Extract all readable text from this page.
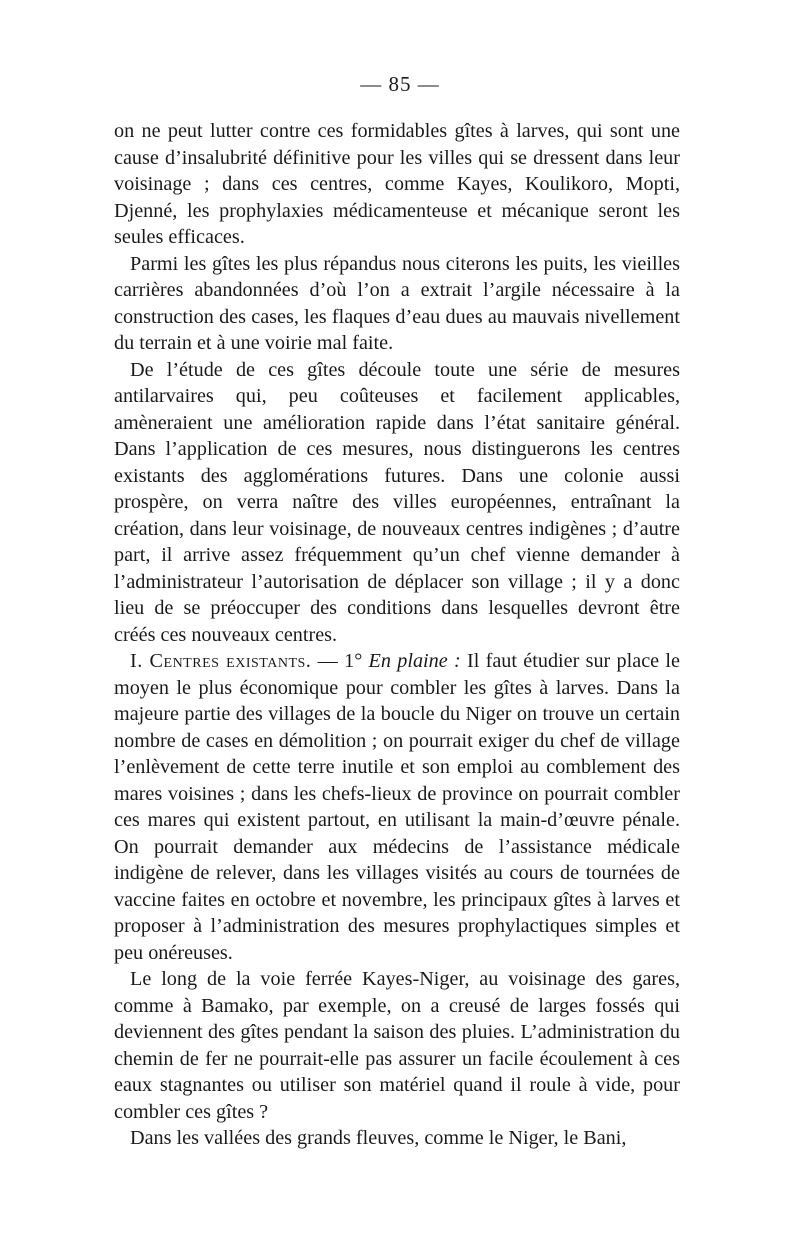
— 85 —

on ne peut lutter contre ces formidables gîtes à larves, qui sont une cause d’insalubrité définitive pour les villes qui se dressent dans leur voisinage ; dans ces centres, comme Kayes, Koulikoro, Mopti, Djenné, les prophylaxies médicamenteuse et mécanique seront les seules efficaces.

Parmi les gîtes les plus répandus nous citerons les puits, les vieilles carrières abandonnées d’où l’on a extrait l’argile nécessaire à la construction des cases, les flaques d’eau dues au mauvais nivellement du terrain et à une voirie mal faite.

De l’étude de ces gîtes découle toute une série de mesures antilarvaires qui, peu coûteuses et facilement applicables, amèneraient une amélioration rapide dans l’état sanitaire général. Dans l’application de ces mesures, nous distinguerons les centres existants des agglomérations futures. Dans une colonie aussi prospère, on verra naître des villes européennes, entraînant la création, dans leur voisinage, de nouveaux centres indigènes ; d’autre part, il arrive assez fréquemment qu’un chef vienne demander à l’administrateur l’autorisation de déplacer son village ; il y a donc lieu de se préoccuper des conditions dans lesquelles devront être créés ces nouveaux centres.

I. Centres existants. — 1° En plaine : Il faut étudier sur place le moyen le plus économique pour combler les gîtes à larves. Dans la majeure partie des villages de la boucle du Niger on trouve un certain nombre de cases en démolition ; on pourrait exiger du chef de village l’enlèvement de cette terre inutile et son emploi au comblement des mares voisines ; dans les chefs-lieux de province on pourrait combler ces mares qui existent partout, en utilisant la main-d’œuvre pénale. On pourrait demander aux médecins de l’assistance médicale indigène de relever, dans les villages visités au cours de tournées de vaccine faites en octobre et novembre, les principaux gîtes à larves et proposer à l’administration des mesures prophylactiques simples et peu onéreuses.

Le long de la voie ferrée Kayes-Niger, au voisinage des gares, comme à Bamako, par exemple, on a creusé de larges fossés qui deviennent des gîtes pendant la saison des pluies. L’administration du chemin de fer ne pourrait-elle pas assurer un facile écoulement à ces eaux stagnantes ou utiliser son matériel quand il roule à vide, pour combler ces gîtes ?

Dans les vallées des grands fleuves, comme le Niger, le Bani,
